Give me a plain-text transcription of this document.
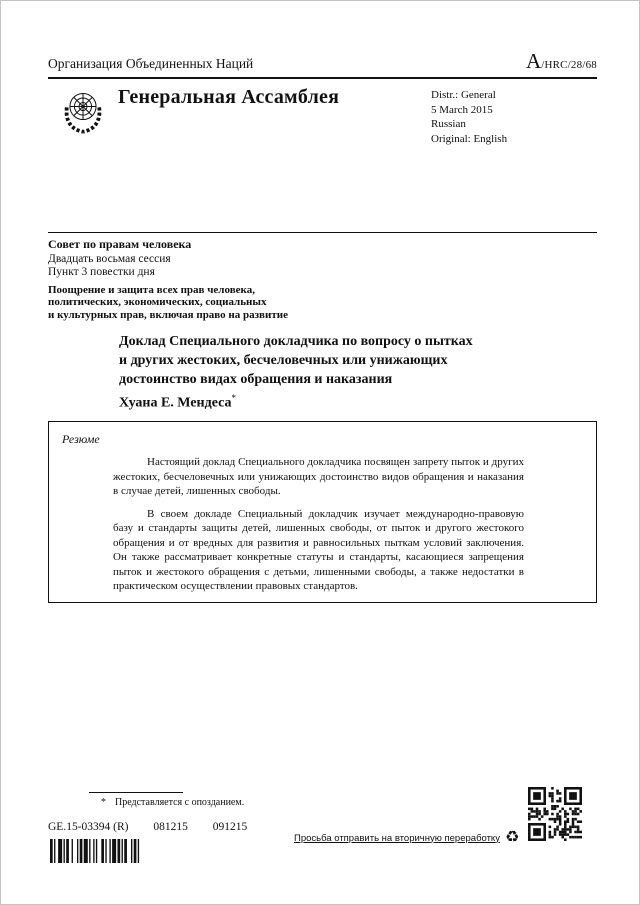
Организация Объединенных Наций	A /HRC/28/68
Генеральная Ассамблея	Distr.: General
5 March 2015
Russian
Original: English
Совет по правам человека
Двадцать восьмая сессия
Пункт 3 повестки дня
Поощрение и защита всех прав человека,
политических, экономических, социальных
и культурных прав, включая право на развитие
Доклад Специального докладчика по вопросу о пытках
и других жестоких, бесчеловечных или унижающих
достоинство видах обращения и наказания
Хуана Е. Мендеса*
Резюме

Настоящий доклад Специального докладчика посвящен запрету пыток и других жестоких, бесчеловечных или унижающих достоинство видов обращения и наказания в случае детей, лишенных свободы.

В своем докладе Специальный докладчик изучает международно-правовую базу и стандарты защиты детей, лишенных свободы, от пыток и другого жестокого обращения и от вредных для развития и равносильных пыткам условий заключения. Он также рассматривает конкретные статуты и стандарты, касающиеся запрещения пыток и жестокого обращения с детьми, лишенными свободы, а также недостатки в практическом осуществлении правовых стандартов.

* Представляется с опозданием.
GE.15-03394 (R) 081215 091215
Просьба отправить на вторичную переработку ♻
